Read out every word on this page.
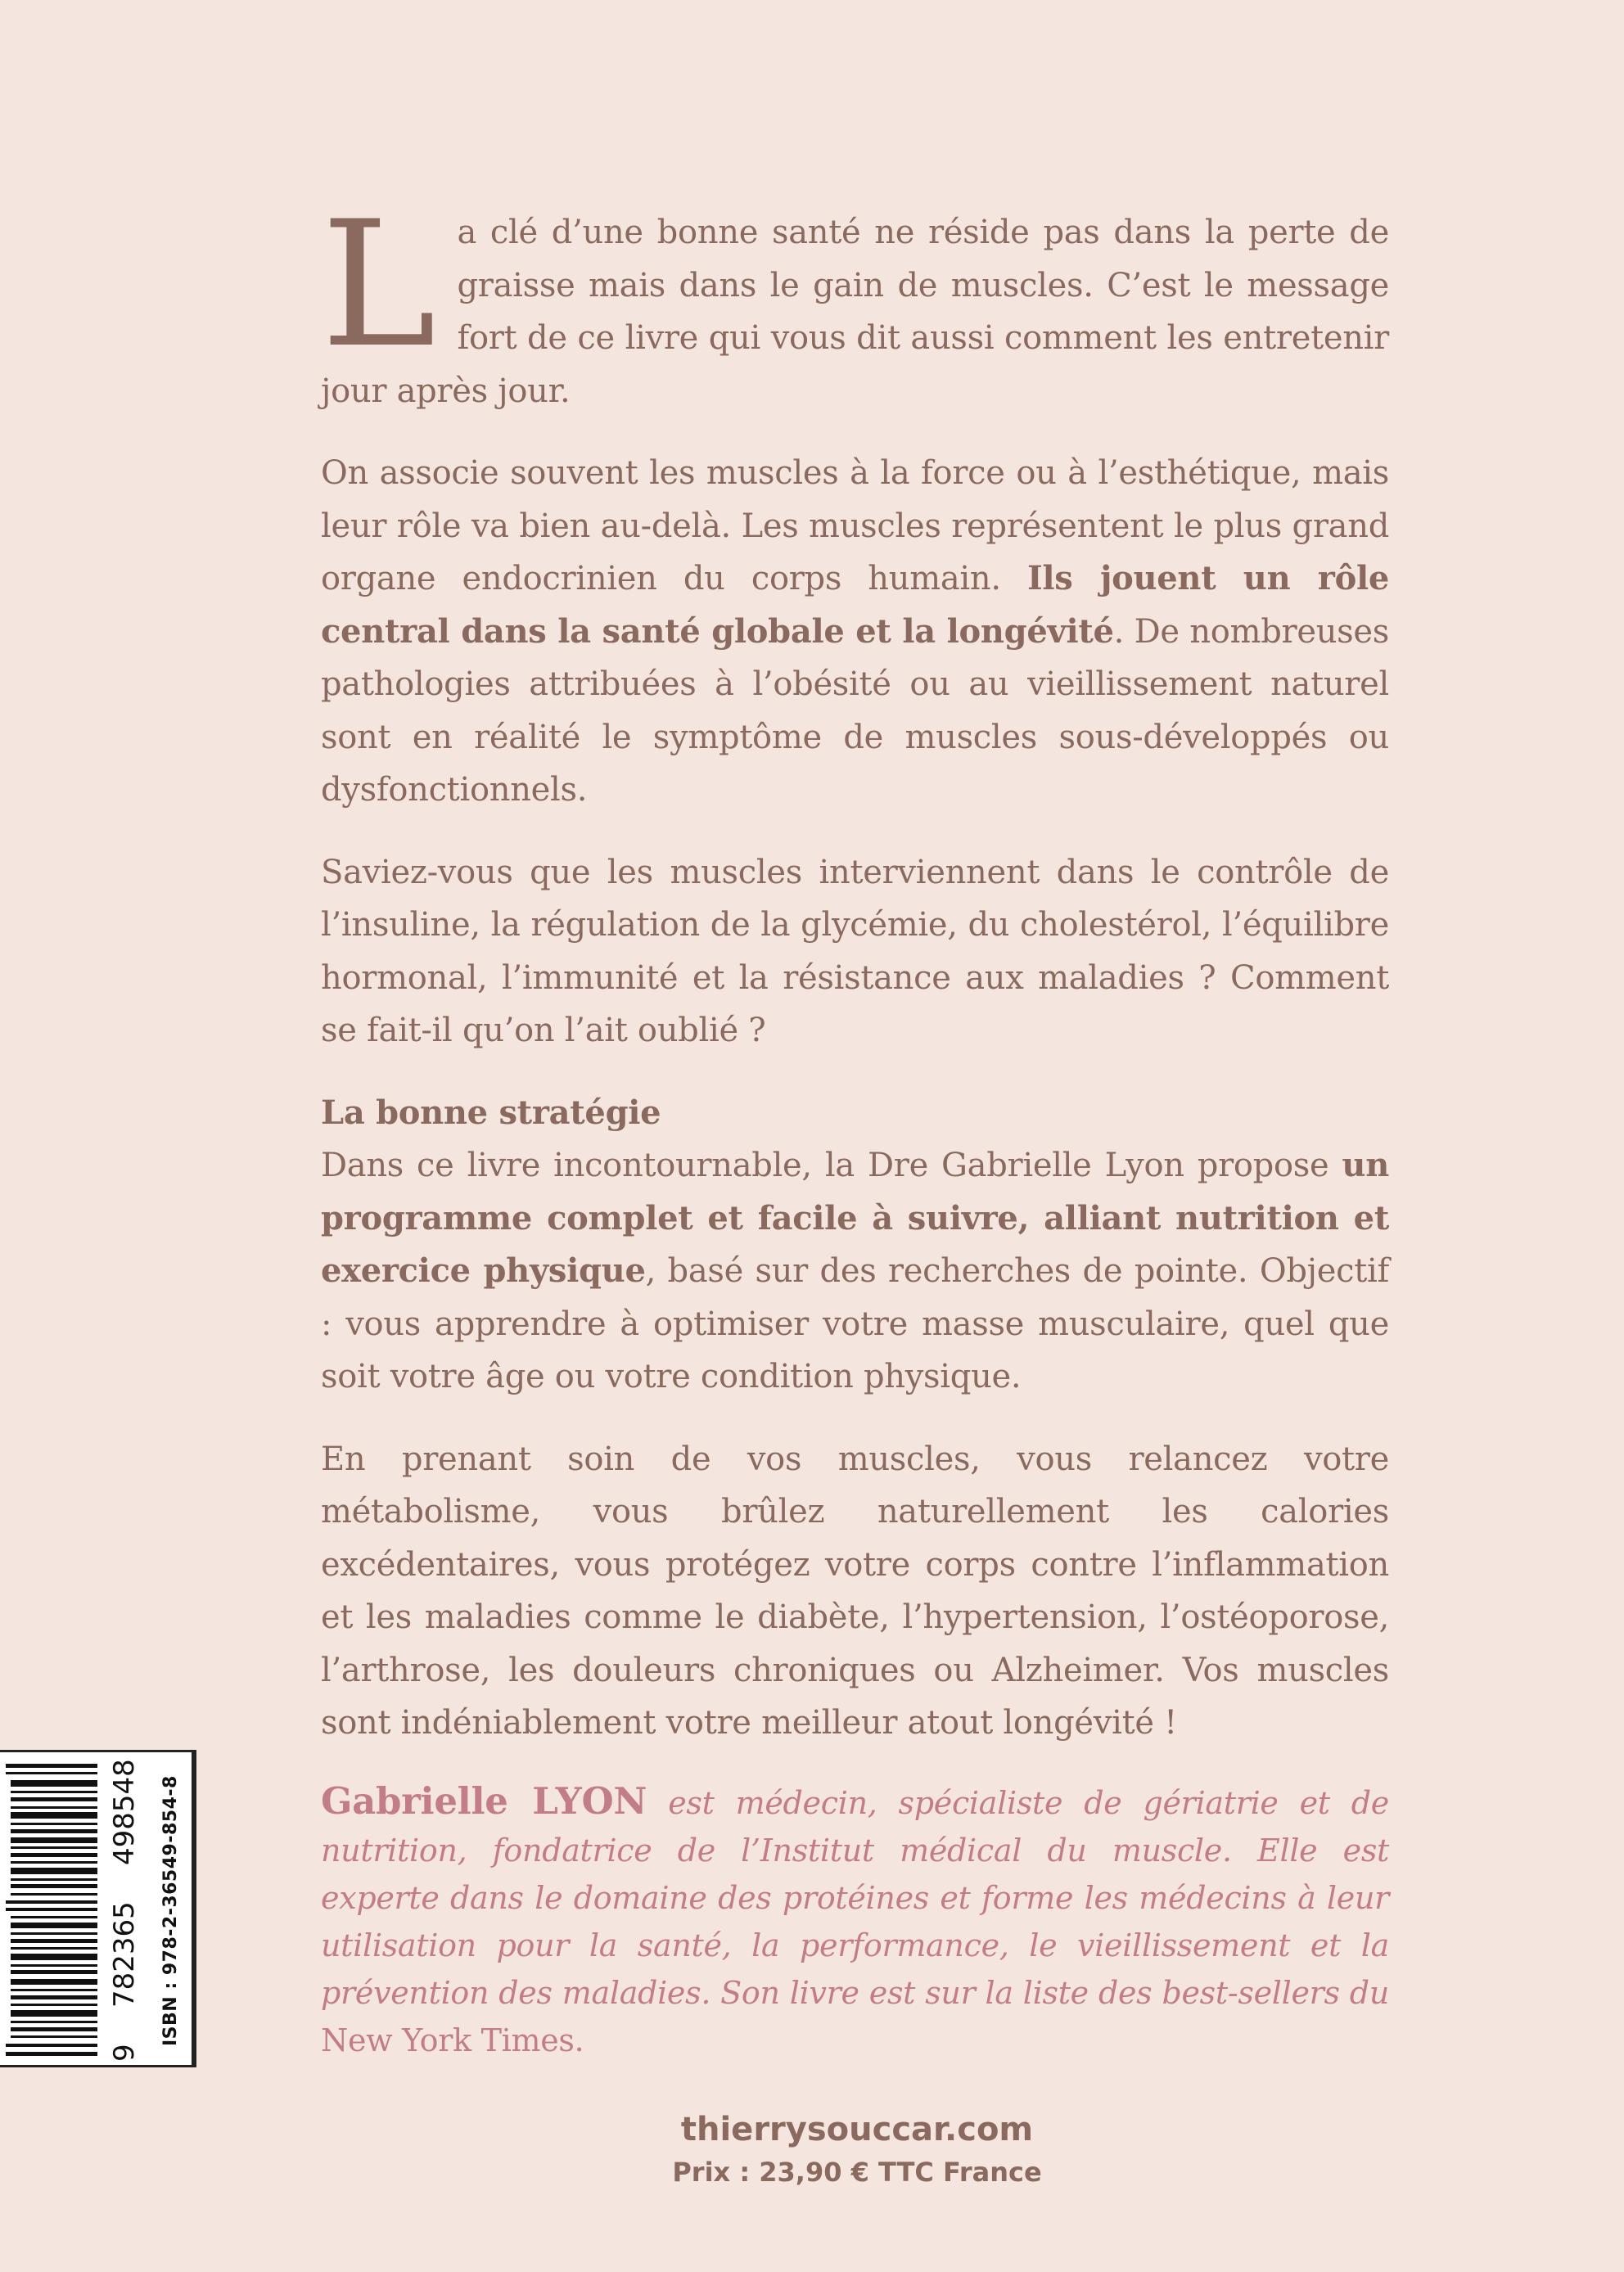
La clé d’une bonne santé ne réside pas dans la perte de graisse mais dans le gain de muscles. C’est le message fort de ce livre qui vous dit aussi comment les entretenir jour après jour.

On associe souvent les muscles à la force ou à l’esthétique, mais leur rôle va bien au-delà. Les muscles représentent le plus grand organe endocrinien du corps humain. Ils jouent un rôle central dans la santé globale et la longévité. De nombreuses pathologies attribuées à l’obésité ou au vieillissement naturel sont en réalité le symptôme de muscles sous-développés ou dysfonctionnels.

Saviez-vous que les muscles interviennent dans le contrôle de l’insuline, la régulation de la glycémie, du cholestérol, l’équilibre hormonal, l’immunité et la résistance aux maladies ? Comment se fait-il qu’on l’ait oublié ?

La bonne stratégie

Dans ce livre incontournable, la Dre Gabrielle Lyon propose un programme complet et facile à suivre, alliant nutrition et exercice physique, basé sur des recherches de pointe. Objectif : vous apprendre à optimiser votre masse musculaire, quel que soit votre âge ou votre condition physique.

En prenant soin de vos muscles, vous relancez votre métabolisme, vous brûlez naturellement les calories excédentaires, vous protégez votre corps contre l’inflammation et les maladies comme le diabète, l’hypertension, l’ostéoporose, l’arthrose, les douleurs chroniques ou Alzheimer. Vos muscles sont indéniablement votre meilleur atout longévité !

Gabrielle LYON est médecin, spécialiste de gériatrie et de nutrition, fondatrice de l’Institut médical du muscle. Elle est experte dans le domaine des protéines et forme les médecins à leur utilisation pour la santé, la performance, le vieillissement et la prévention des maladies. Son livre est sur la liste des best-sellers du New York Times.
thierrysouccar.com
Prix : 23,90 € TTC France
9
782365
498548	ISBN : 978-2-36549-854-8
